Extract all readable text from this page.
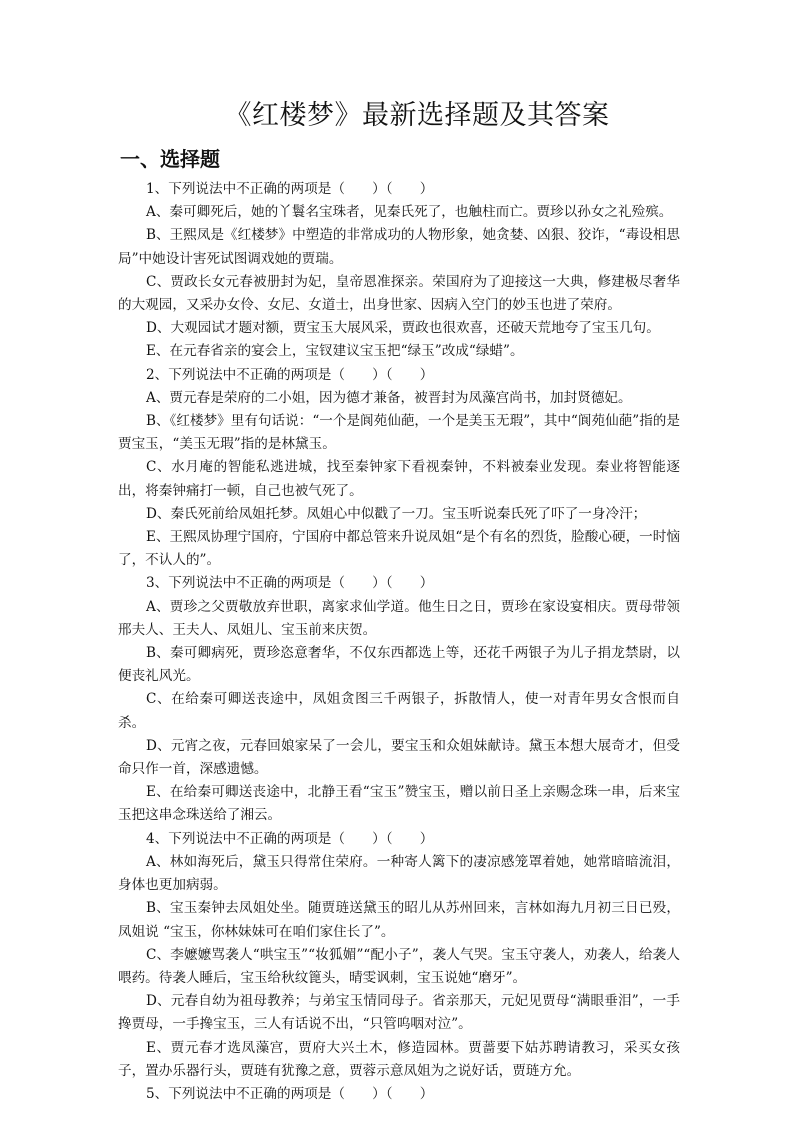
《红楼梦》最新选择题及其答案
一、选择题

1、下列说法中不正确的两项是（　　）（　　）

A、秦可卿死后，她的丫鬟名宝珠者，见秦氏死了，也触柱而亡。贾珍以孙女之礼殓殡。

B、王熙凤是《红楼梦》中塑造的非常成功的人物形象，她贪婪、凶狠、狡诈，“毒设相思局”中她设计害死试图调戏她的贾瑞。

C、贾政长女元春被册封为妃，皇帝恩准探亲。荣国府为了迎接这一大典，修建极尽奢华的大观园，又采办女伶、女尼、女道士，出身世家、因病入空门的妙玉也进了荣府。

D、大观园试才题对额，贾宝玉大展风采，贾政也很欢喜，还破天荒地夸了宝玉几句。

E、在元春省亲的宴会上，宝钗建议宝玉把“绿玉”改成“绿蜡”。

2、下列说法中不正确的两项是（　　）（　　）

A、贾元春是荣府的二小姐，因为德才兼备，被晋封为凤藻宫尚书，加封贤德妃。

B、《红楼梦》里有句话说：“一个是阆苑仙葩，一个是美玉无瑕”，其中“阆苑仙葩”指的是贾宝玉，“美玉无瑕”指的是林黛玉。

C、水月庵的智能私逃进城，找至秦钟家下看视秦钟，不料被秦业发现。秦业将智能逐出，将秦钟痛打一顿，自己也被气死了。

D、秦氏死前给凤姐托梦。凤姐心中似戳了一刀。宝玉听说秦氏死了吓了一身冷汗；

E、王熙凤协理宁国府，宁国府中都总管来升说凤姐“是个有名的烈货，脸酸心硬，一时恼了，不认人的”。

3、下列说法中不正确的两项是（　　）（　　）

A、贾珍之父贾敬放弃世职，离家求仙学道。他生日之日，贾珍在家设宴相庆。贾母带领邢夫人、王夫人、凤姐儿、宝玉前来庆贺。

B、秦可卿病死，贾珍恣意奢华，不仅东西都选上等，还花千两银子为儿子捐龙禁尉，以便丧礼风光。

C、在给秦可卿送丧途中，凤姐贪图三千两银子，拆散情人，使一对青年男女含恨而自杀。

D、元宵之夜，元春回娘家呆了一会儿，要宝玉和众姐妹献诗。黛玉本想大展奇才，但受命只作一首，深感遗憾。

E、在给秦可卿送丧途中，北静王看“宝玉”赞宝玉，赠以前日圣上亲赐念珠一串，后来宝玉把这串念珠送给了湘云。

4、下列说法中不正确的两项是（　　）（　　）

A、林如海死后，黛玉只得常住荣府。一种寄人篱下的凄凉感笼罩着她，她常暗暗流泪，身体也更加病弱。

B、宝玉秦钟去凤姐处坐。随贾琏送黛玉的昭儿从苏州回来，言林如海九月初三日已殁，凤姐说 “宝玉，你林妹妹可在咱们家住长了”。

C、李嬷嬷骂袭人“哄宝玉”“妆狐媚”“配小子”，袭人气哭。宝玉守袭人，劝袭人，给袭人喂药。待袭人睡后，宝玉给秋纹篦头，晴雯讽刺，宝玉说她“磨牙”。

D、元春自幼为祖母教养；与弟宝玉情同母子。省亲那天，元妃见贾母“满眼垂泪”，一手搀贾母，一手搀宝玉，三人有话说不出，“只管呜咽对泣”。

E、贾元春才选凤藻宫，贾府大兴土木，修造园林。贾蔷要下姑苏聘请教习，采买女孩子，置办乐器行头，贾琏有犹豫之意，贾蓉示意凤姐为之说好话，贾琏方允。

5、下列说法中不正确的两项是（　　）（　　）
